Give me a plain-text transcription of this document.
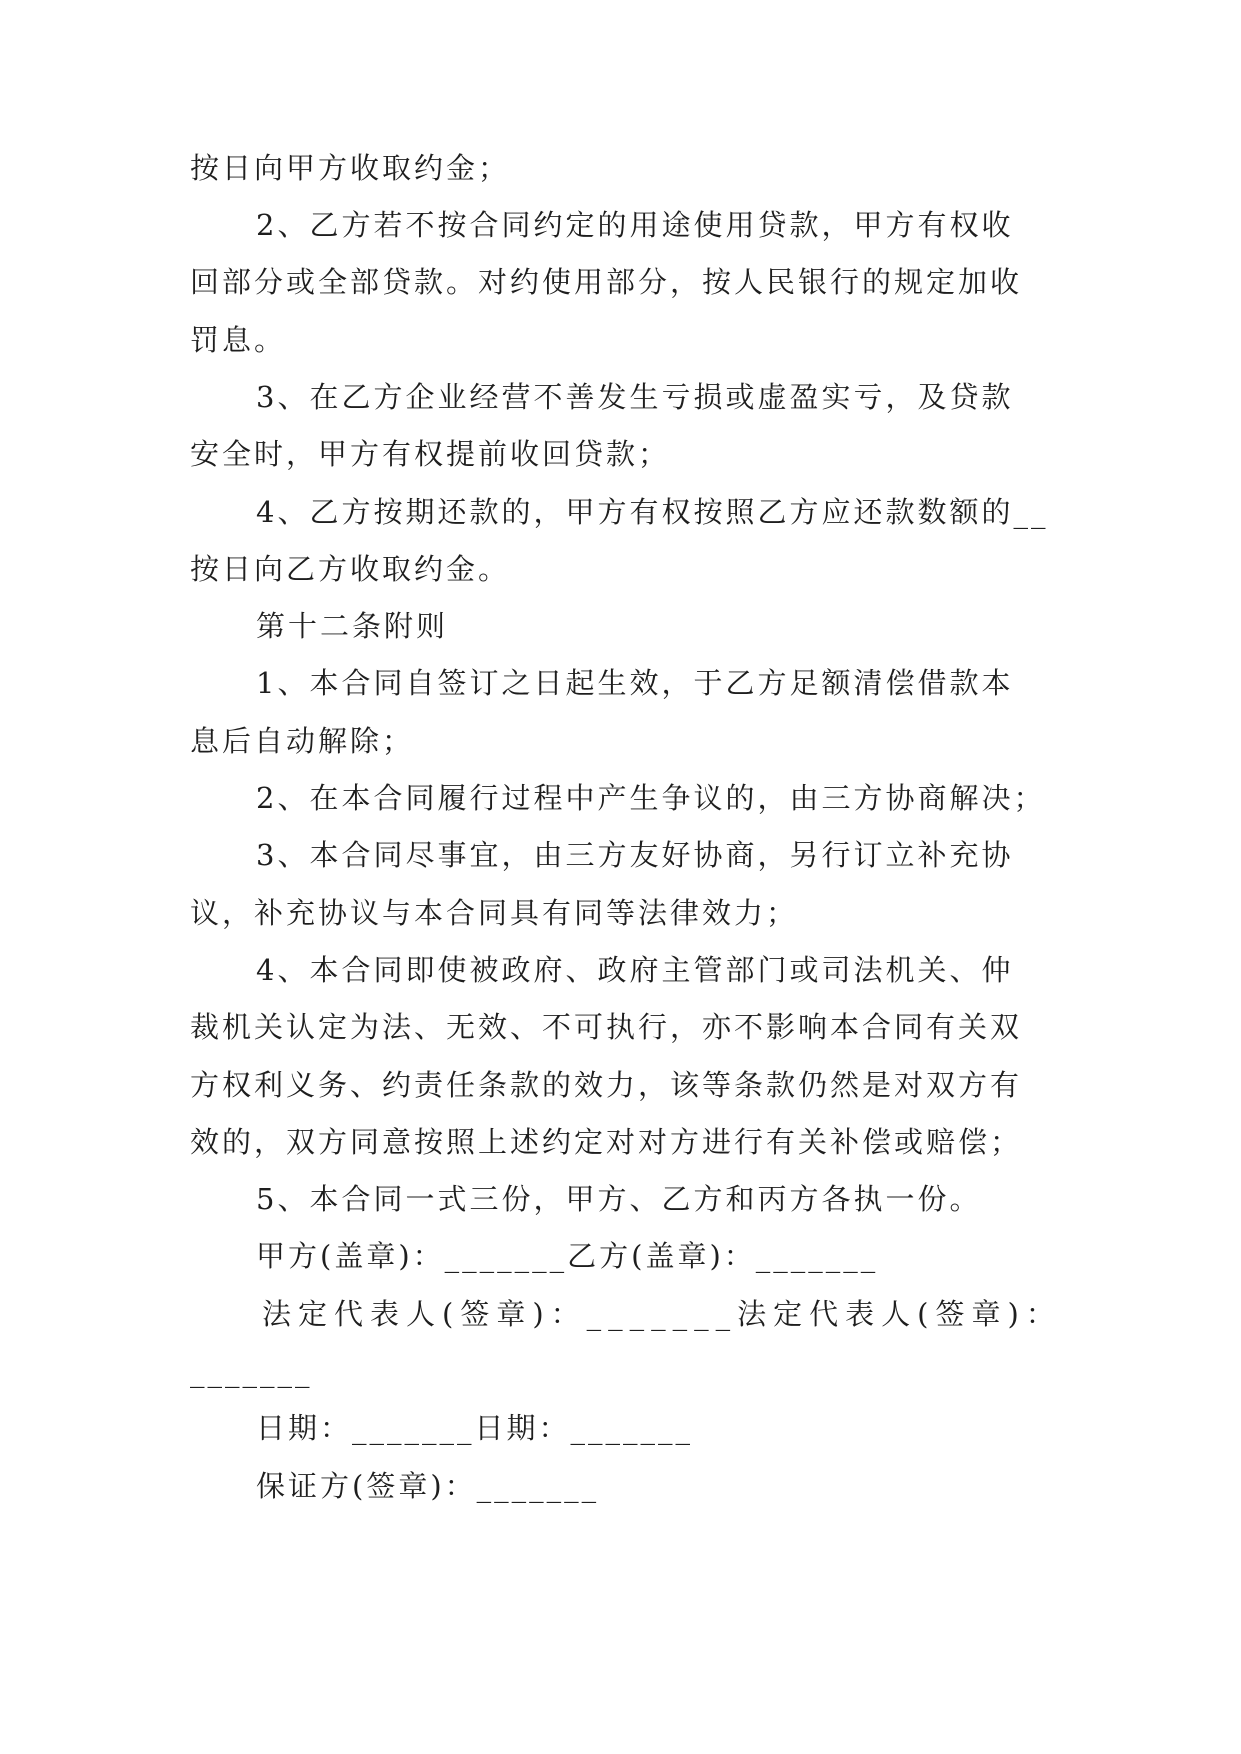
按日向甲方收取约金；

2、乙方若不按合同约定的用途使用贷款，甲方有权收

回部分或全部贷款。对约使用部分，按人民银行的规定加收

罚息。

3、在乙方企业经营不善发生亏损或虚盈实亏，及贷款

安全时，甲方有权提前收回贷款；

4、乙方按期还款的，甲方有权按照乙方应还款数额的__

按日向乙方收取约金。

第十二条附则

1、本合同自签订之日起生效，于乙方足额清偿借款本

息后自动解除；

2、在本合同履行过程中产生争议的，由三方协商解决；

3、本合同尽事宜，由三方友好协商，另行订立补充协

议，补充协议与本合同具有同等法律效力；

4、本合同即使被政府、政府主管部门或司法机关、仲

裁机关认定为法、无效、不可执行，亦不影响本合同有关双

方权利义务、约责任条款的效力，该等条款仍然是对双方有

效的，双方同意按照上述约定对对方进行有关补偿或赔偿；

5、本合同一式三份，甲方、乙方和丙方各执一份。

甲方(盖章)：_______乙方(盖章)：_______

法定代表人(签章)：_______法定代表人(签章)：

_______

日期：_______日期：_______

保证方(签章)：_______
